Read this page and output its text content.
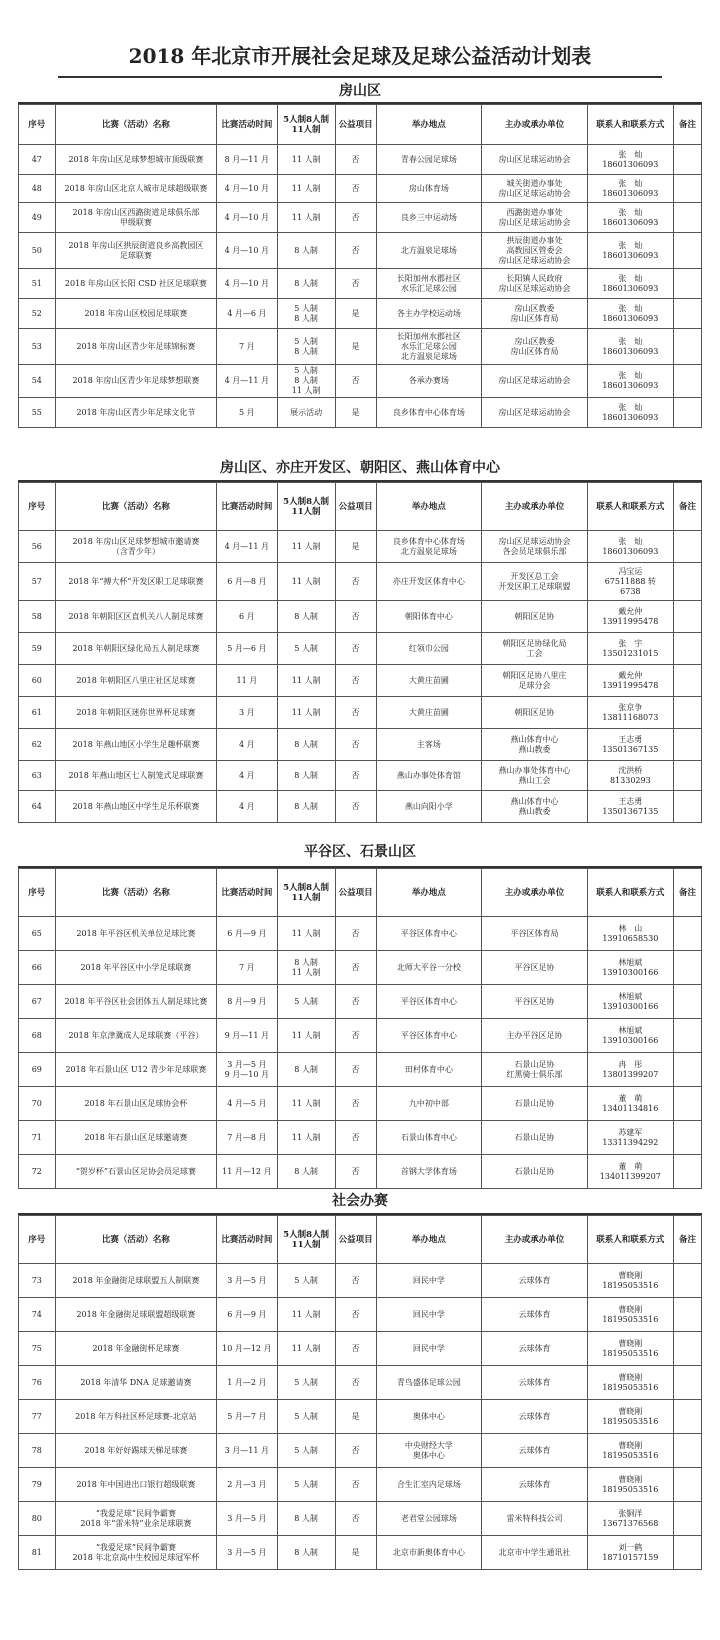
2018 年北京市开展社会足球及足球公益活动计划表
房山区
序号	比赛（活动）名称	比赛活动时间	5人制8人制11人制	公益项目	举办地点	主办或承办单位	联系人和联系方式	备注

47	2018 年房山区足球梦想城市顶级联赛	8 月—11 月	11 人制	否	青春公园足球场	房山区足球运动协会	张　灿
18601306093	

48	2018 年房山区北京人城市足球超级联赛	4 月—10 月	11 人制	否	房山体育场	城关街道办事处
房山区足球运动协会	张　灿
18601306093	

49	2018 年房山区西潞街道足球俱乐部
甲级联赛	4 月—10 月	11 人制	否	良乡三中运动场	西潞街道办事处
房山区足球运动协会	张　灿
18601306093	

50	2018 年房山区拱辰街道良乡高教园区
足球联赛	4 月—10 月	8 人制	否	北方温泉足球场	拱辰街道办事处
高教园区管委会
房山区足球运动协会	张　灿
18601306093	

51	2018 年房山区长阳 CSD 社区足球联赛	4 月—10 月	8 人制	否	长阳加州水郡社区
水乐汇足球公园	长阳镇人民政府
房山区足球运动协会	张　灿
18601306093	

52	2018 年房山区校园足球联赛	4 月—6 月	5 人制
8 人制	是	各主办学校运动场	房山区教委
房山区体育局	张　灿
18601306093	

53	2018 年房山区青少年足球锦标赛	7 月	5 人制
8 人制	是	长阳加州水郡社区
水乐汇足球公园
北方温泉足球场	房山区教委
房山区体育局	张　灿
18601306093	

54	2018 年房山区青少年足球梦想联赛	4 月—11 月	5 人制
8 人制
11 人制	否	各承办赛场	房山区足球运动协会	张　灿
18601306093	

55	2018 年房山区青少年足球文化节	5 月	展示活动	是	良乡体育中心体育场	房山区足球运动协会	张　灿
18601306093	

房山区、亦庄开发区、朝阳区、燕山体育中心
序号	比赛（活动）名称	比赛活动时间	5人制8人制11人制	公益项目	举办地点	主办或承办单位	联系人和联系方式	备注

56	2018 年房山区足球梦想城市邀请赛
（含青少年）	4 月—11 月	11 人制	是	良乡体育中心体育场
北方温泉足球场	房山区足球运动协会
各会员足球俱乐部	张　灿
18601306093	

57	2018 年“搏大杯”开发区职工足球联赛	6 月—8 月	11 人制	否	亦庄开发区体育中心	开发区总工会
开发区职工足球联盟	冯宝运
67511888 转
6738	

58	2018 年朝阳区区直机关八人制足球赛	6 月	8 人制	否	朝阳体育中心	朝阳区足协	戴允仲
13911995478	

59	2018 年朝阳区绿化局五人制足球赛	5 月—6 月	5 人制	否	红领巾公园	朝阳区足协绿化局
工会	张　宇
13501231015	

60	2018 年朝阳区八里庄社区足球赛	11 月	11 人制	否	大黄庄苗圃	朝阳区足协八里庄
足球分会	戴允仲
13911995478	

61	2018 年朝阳区迷你世界杯足球赛	3 月	11 人制	否	大黄庄苗圃	朝阳区足协	张京争
13811168073	

62	2018 年燕山地区小学生足趣杯联赛	4 月	8 人制	否	主客场	燕山体育中心
燕山教委	王志勇
13501367135	

63	2018 年燕山地区七人制笼式足球联赛	4 月	8 人制	否	燕山办事处体育馆	燕山办事处体育中心
燕山工会	沈洪桥
81330293	

64	2018 年燕山地区中学生足乐杯联赛	4 月	8 人制	否	燕山向阳小学	燕山体育中心
燕山教委	王志勇
13501367135	

平谷区、石景山区
序号	比赛（活动）名称	比赛活动时间	5人制8人制11人制	公益项目	举办地点	主办或承办单位	联系人和联系方式	备注

65	2018 年平谷区机关单位足球比赛	6 月—9 月	11 人制	否	平谷区体育中心	平谷区体育局	林　山
13910658530	

66	2018 年平谷区中小学足球联赛	7 月	8 人制
11 人制	否	北师大平谷一分校	平谷区足协	林旭斌
13910300166	

67	2018 年平谷区社会团体五人制足球比赛	8 月—9 月	5 人制	否	平谷区体育中心	平谷区足协	林旭斌
13910300166	

68	2018 年京津冀成人足球联赛（平谷）	9 月—11 月	11 人制	否	平谷区体育中心	主办平谷区足协	林旭斌
13910300166	

69	2018 年石景山区 U12 青少年足球联赛	3 月—5 月
9 月—10 月	8 人制	否	田村体育中心	石景山足协
红黑骑士俱乐部	冉　彤
13801399207	

70	2018 年石景山区足球协会杯	4 月—5 月	11 人制	否	九中初中部	石景山足协	董　萌
13401134816	

71	2018 年石景山区足球邀请赛	7 月—8 月	11 人制	否	石景山体育中心	石景山足协	苏建军
13311394292	

72	“贺岁杯”石景山区足协会员足球赛	11 月—12 月	8 人制	否	首钢大学体育场	石景山足协	董　萌
134011399207	

社会办赛
序号	比赛（活动）名称	比赛活动时间	5人制8人制11人制	公益项目	举办地点	主办或承办单位	联系人和联系方式	备注

73	2018 年金融街足球联盟五人制联赛	3 月—5 月	5 人制	否	回民中学	云球体育	曹晓刚
18195053516	

74	2018 年金融街足球联盟超级联赛	6 月—9 月	11 人制	否	回民中学	云球体育	曹晓刚
18195053516	

75	2018 年金融街杯足球赛	10 月—12 月	11 人制	否	回民中学	云球体育	曹晓刚
18195053516	

76	2018 年清华 DNA 足球邀请赛	1 月—2 月	5 人制	否	青鸟盛体足球公园	云球体育	曹晓刚
18195053516	

77	2018 年万科社区杯足球赛-北京站	5 月—7 月	5 人制	是	奥体中心	云球体育	曹晓刚
18195053516	

78	2018 年好好踢球天梯足球赛	3 月—11 月	5 人制	否	中央财经大学
奥体中心	云球体育	曹晓刚
18195053516	

79	2018 年中国进出口银行超级联赛	2 月—3 月	5 人制	否	合生汇室内足球场	云球体育	曹晓刚
18195053516	

80	“我爱足球”民间争霸赛
2018 年“雷米特”业余足球联赛	3 月—5 月	8 人制	否	老君堂公园球场	雷米特科技公司	张铜洋
13671376568	

81	“我爱足球”民间争霸赛
2018 年北京高中生校园足球冠军杯	3 月—5 月	8 人制	是	北京市新奥体育中心	北京市中学生通讯社	刘一鹤
18710157159	
